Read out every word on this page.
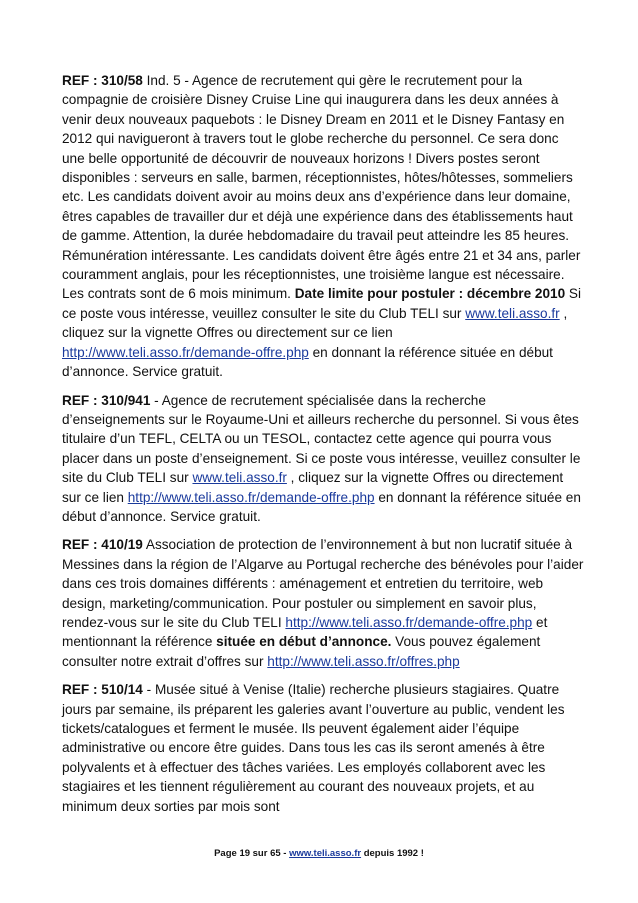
REF : 310/58 Ind. 5 - Agence de recrutement qui gère le recrutement pour la compagnie de croisière Disney Cruise Line qui inaugurera dans les deux années à venir deux nouveaux paquebots : le Disney Dream en 2011 et le Disney Fantasy en 2012 qui navigueront à travers tout le globe recherche du personnel. Ce sera donc une belle opportunité de découvrir de nouveaux horizons ! Divers postes seront disponibles : serveurs en salle, barmen, réceptionnistes, hôtes/hôtesses, sommeliers etc. Les candidats doivent avoir au moins deux ans d’expérience dans leur domaine, êtres capables de travailler dur et déjà une expérience dans des établissements haut de gamme. Attention, la durée hebdomadaire du travail peut atteindre les 85 heures. Rémunération intéressante. Les candidats doivent être âgés entre 21 et 34 ans, parler couramment anglais, pour les réceptionnistes, une troisième langue est nécessaire. Les contrats sont de 6 mois minimum. Date limite pour postuler : décembre 2010 Si ce poste vous intéresse, veuillez consulter le site du Club TELI sur www.teli.asso.fr , cliquez sur la vignette Offres ou directement sur ce lien http://www.teli.asso.fr/demande-offre.php en donnant la référence située en début d’annonce. Service gratuit.

REF : 310/941 - Agence de recrutement spécialisée dans la recherche d’enseignements sur le Royaume-Uni et ailleurs recherche du personnel. Si vous êtes titulaire d’un TEFL, CELTA ou un TESOL, contactez cette agence qui pourra vous placer dans un poste d’enseignement. Si ce poste vous intéresse, veuillez consulter le site du Club TELI sur www.teli.asso.fr , cliquez sur la vignette Offres ou directement sur ce lien http://www.teli.asso.fr/demande-offre.php en donnant la référence située en début d’annonce. Service gratuit.

REF : 410/19 Association de protection de l’environnement à but non lucratif située à Messines dans la région de l’Algarve au Portugal recherche des bénévoles pour l’aider dans ces trois domaines différents : aménagement et entretien du territoire, web design, marketing/communication. Pour postuler ou simplement en savoir plus, rendez-vous sur le site du Club TELI http://www.teli.asso.fr/demande-offre.php et mentionnant la référence située en début d’annonce. Vous pouvez également consulter notre extrait d’offres sur http://www.teli.asso.fr/offres.php

REF : 510/14 - Musée situé à Venise (Italie) recherche plusieurs stagiaires. Quatre jours par semaine, ils préparent les galeries avant l’ouverture au public, vendent les tickets/catalogues et ferment le musée. Ils peuvent également aider l’équipe administrative ou encore être guides. Dans tous les cas ils seront amenés à être polyvalents et à effectuer des tâches variées. Les employés collaborent avec les stagiaires et les tiennent régulièrement au courant des nouveaux projets, et au minimum deux sorties par mois sont

Page 19 sur 65 - www.teli.asso.fr depuis 1992 !
